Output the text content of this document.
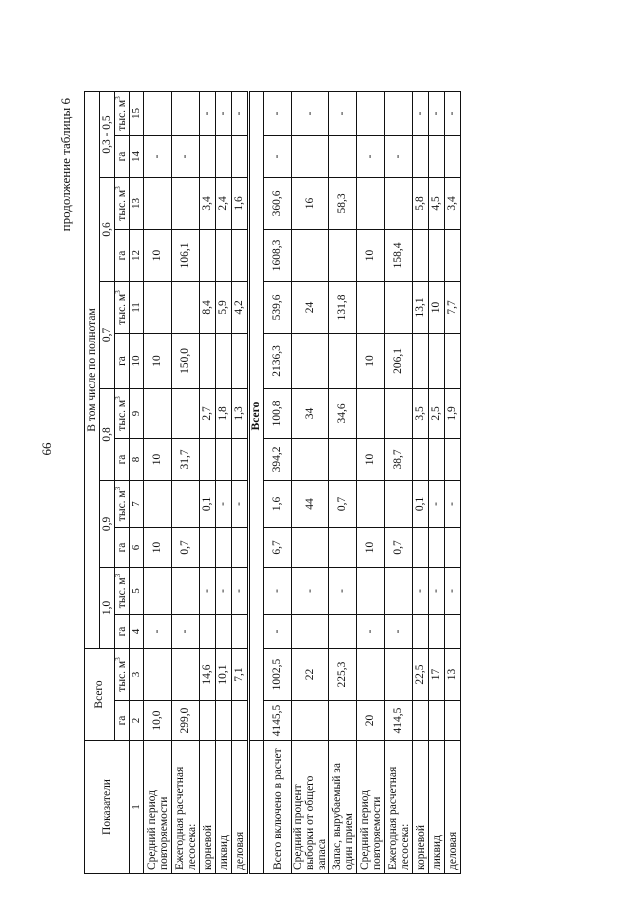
66
продолжение таблицы 6
Показатели	Всего		В том числе по полнотам											
			1,0		0,9		0,8		0,7		0,6		0,3 - 0,5	
	га	тыс. $м^3$	га	тыс. $м^3$	га	тыс. $м^3$	га	тыс. $м^3$	га	тыс. $м^3$	га	тыс. $м^3$	га	тыс. $м^3$
1	2	3	4	5	6	7	8	9	10	11	12	13	14	15
Средний период повторяемости	10,0		-		10		10		10		10		-	
Ежегодная расчетная лесосека:	299,0		-		0,7		31,7		150,0		106,1		-	
корневой		14,6		-		0,1		2,7		8,4		3,4		-
ликвид		10,1		-		-		1,8		5,9		2,4		-
деловая		7,1		-		-		1,3		4,2		1,6		-
	Всего													
Всего включено в расчет	4145,5	1002,5	-	-	6,7	1,6	394,2	100,8	2136,3	539,6	1608,3	360,6	-	-
Средний процент выборки от общего запаса		22		-		44		34		24		16		-
Запас, вырубаемый за один прием		225,3		-		0,7		34,6		131,8		58,3		-
Средний период повторяемости	20		-		10		10		10		10		-	
Ежегодная расчетная лесосека:	414,5		-		0,7		38,7		206,1		158,4		-	
корневой		22,5		-		0,1		3,5		13,1		5,8		-
ликвид		17		-		-		2,5		10		4,5		-
деловая		13		-		-		1,9		7,7		3,4		-
